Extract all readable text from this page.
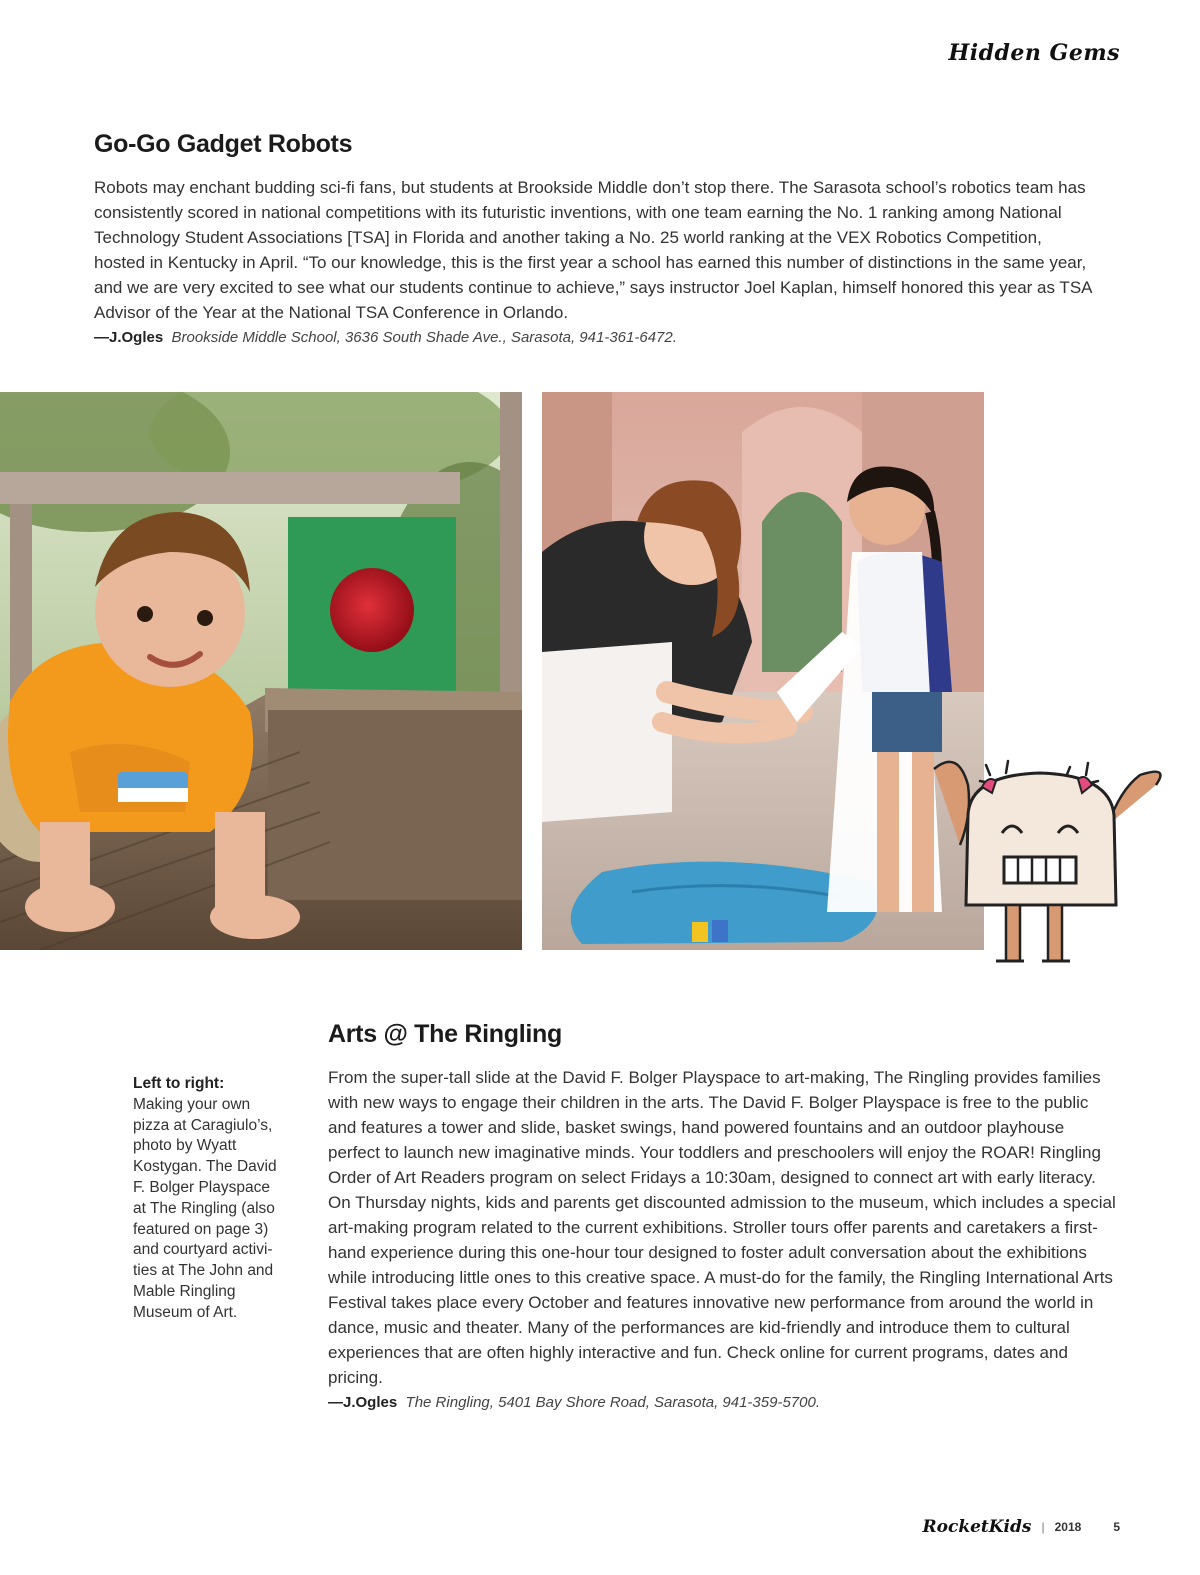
Hidden Gems
Go-Go Gadget Robots

Robots may enchant budding sci-fi fans, but students at Brookside Middle don’t stop there. The Sarasota school’s robotics team has consistently scored in national competitions with its futuristic inventions, with one team earning the No. 1 ranking among National Technology Student Associations [TSA] in Florida and another taking a No. 25 world ranking at the VEX Robotics Competition, hosted in Kentucky in April. “To our knowledge, this is the first year a school has earned this number of distinctions in the same year, and we are very excited to see what our students continue to achieve,” says instructor Joel Kaplan, himself honored this year as TSA Advisor of the Year at the National TSA Conference in Orlando.

—J.Ogles Brookside Middle School, 3636 South Shade Ave., Sarasota, 941-361-6472.
Left to right:
Making your own pizza at Caragiulo’s, photo by Wyatt Kostygan. The David F. Bolger Playspace at The Ringling (also featured on page 3) and courtyard activi-ties at The John and Mable Ringling Museum of Art.
Arts @ The Ringling

From the super-tall slide at the David F. Bolger Playspace to art-making, The Ringling provides families with new ways to engage their children in the arts. The David F. Bolger Playspace is free to the public and features a tower and slide, basket swings, hand powered fountains and an outdoor playhouse perfect to launch new imaginative minds. Your toddlers and preschoolers will enjoy the ROAR! Ringling Order of Art Readers program on select Fridays a 10:30am, designed to connect art with early literacy. On Thursday nights, kids and parents get discounted admission to the museum, which includes a special art-making program related to the current exhibitions. Stroller tours offer parents and caretakers a first-hand experience during this one-hour tour designed to foster adult conversation about the exhibitions while introducing little ones to this creative space. A must-do for the family, the Ringling International Arts Festival takes place every October and features innovative new performance from around the world in dance, music and theater. Many of the performances are kid-friendly and introduce them to cultural experiences that are often highly interactive and fun. Check online for current programs, dates and pricing.

—J.Ogles The Ringling, 5401 Bay Shore Road, Sarasota, 941-359-5700.
RocketKids | 2018	5
